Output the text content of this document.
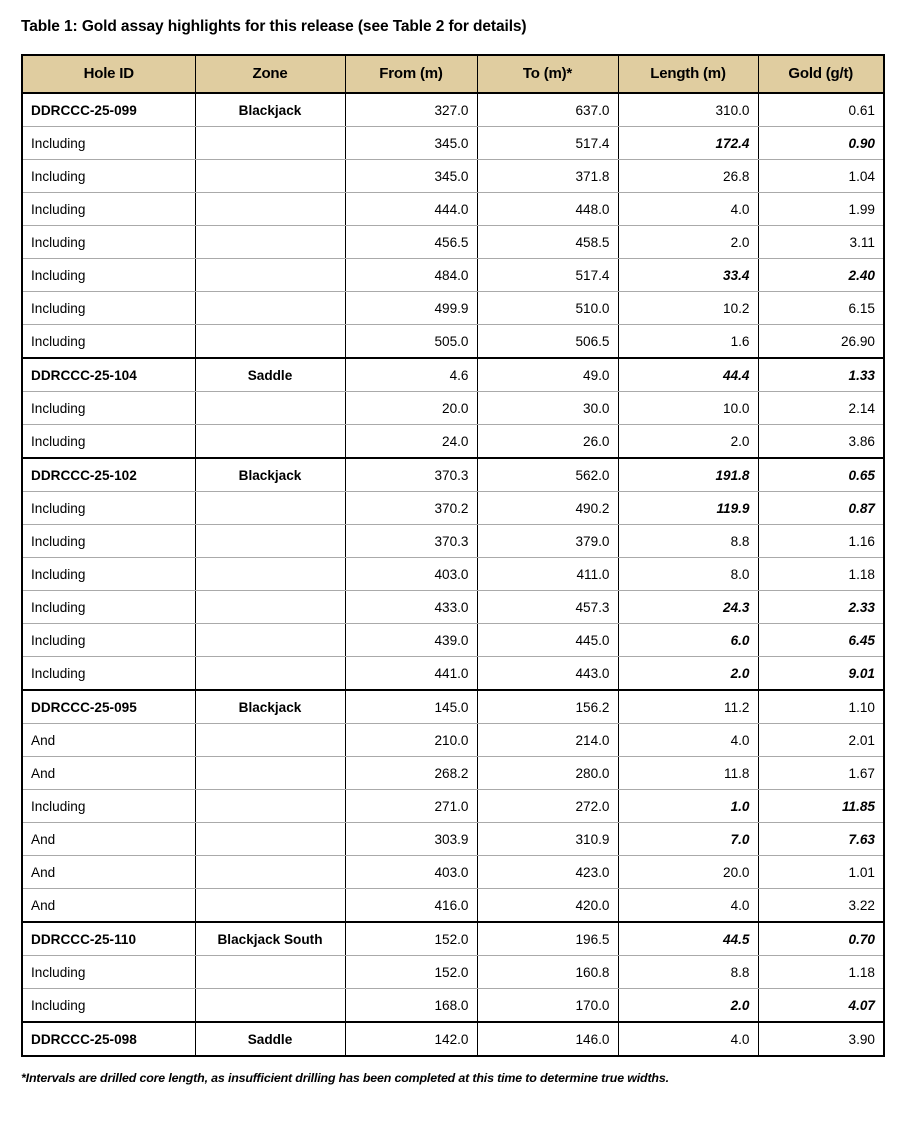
Table 1: Gold assay highlights for this release (see Table 2 for details)
Hole ID	Zone	From (m)	To (m)*	Length (m)	Gold (g/t)
DDRCCC-25-099	Blackjack	327.0	637.0	310.0	0.61
Including		345.0	517.4	172.4	0.90
Including		345.0	371.8	26.8	1.04
Including		444.0	448.0	4.0	1.99
Including		456.5	458.5	2.0	3.11
Including		484.0	517.4	33.4	2.40
Including		499.9	510.0	10.2	6.15
Including		505.0	506.5	1.6	26.90
DDRCCC-25-104	Saddle	4.6	49.0	44.4	1.33
Including		20.0	30.0	10.0	2.14
Including		24.0	26.0	2.0	3.86
DDRCCC-25-102	Blackjack	370.3	562.0	191.8	0.65
Including		370.2	490.2	119.9	0.87
Including		370.3	379.0	8.8	1.16
Including		403.0	411.0	8.0	1.18
Including		433.0	457.3	24.3	2.33
Including		439.0	445.0	6.0	6.45
Including		441.0	443.0	2.0	9.01
DDRCCC-25-095	Blackjack	145.0	156.2	11.2	1.10
And		210.0	214.0	4.0	2.01
And		268.2	280.0	11.8	1.67
Including		271.0	272.0	1.0	11.85
And		303.9	310.9	7.0	7.63
And		403.0	423.0	20.0	1.01
And		416.0	420.0	4.0	3.22
DDRCCC-25-110	Blackjack South	152.0	196.5	44.5	0.70
Including		152.0	160.8	8.8	1.18
Including		168.0	170.0	2.0	4.07
DDRCCC-25-098	Saddle	142.0	146.0	4.0	3.90
*Intervals are drilled core length, as insufficient drilling has been completed at this time to determine true widths.
